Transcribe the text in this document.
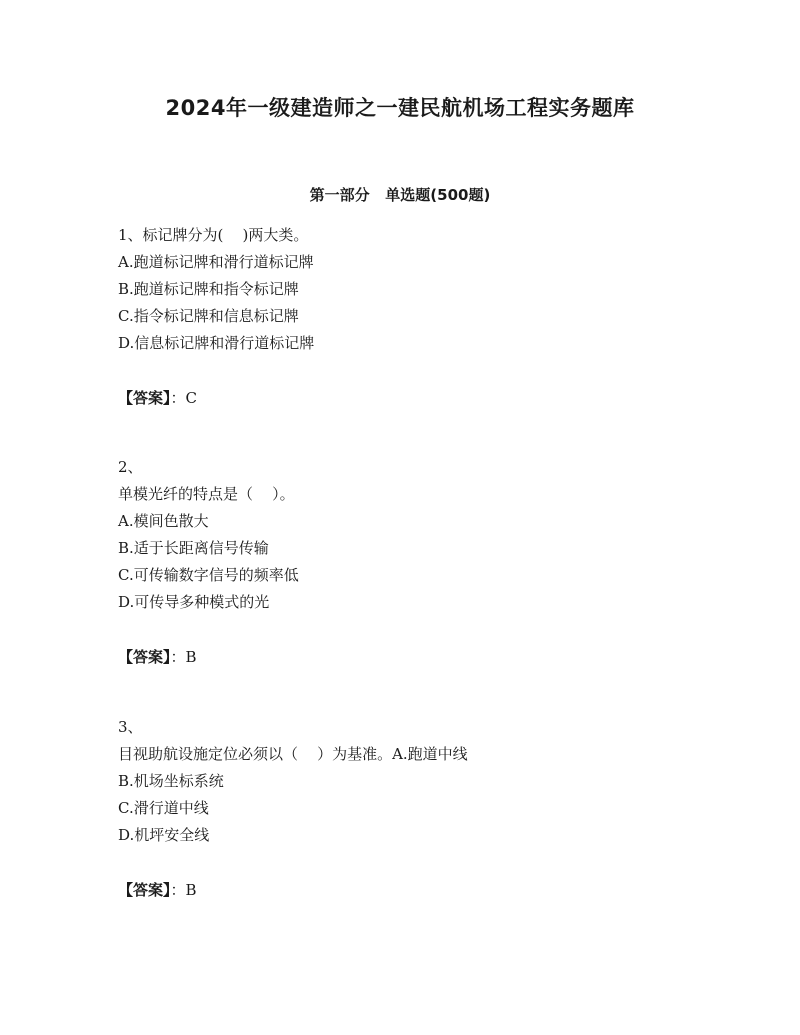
2024年一级建造师之一建民航机场工程实务题库
第一部分   单选题(500题)
1、标记牌分为(    )两大类。
A.跑道标记牌和滑行道标记牌
B.跑道标记牌和指令标记牌
C.指令标记牌和信息标记牌
D.信息标记牌和滑行道标记牌
【答案】：C
2、
单模光纤的特点是（    ）。
A.模间色散大
B.适于长距离信号传输
C.可传输数字信号的频率低
D.可传导多种模式的光
【答案】：B
3、
目视助航设施定位必须以（    ）为基准。A.跑道中线
B.机场坐标系统
C.滑行道中线
D.机坪安全线
【答案】：B
